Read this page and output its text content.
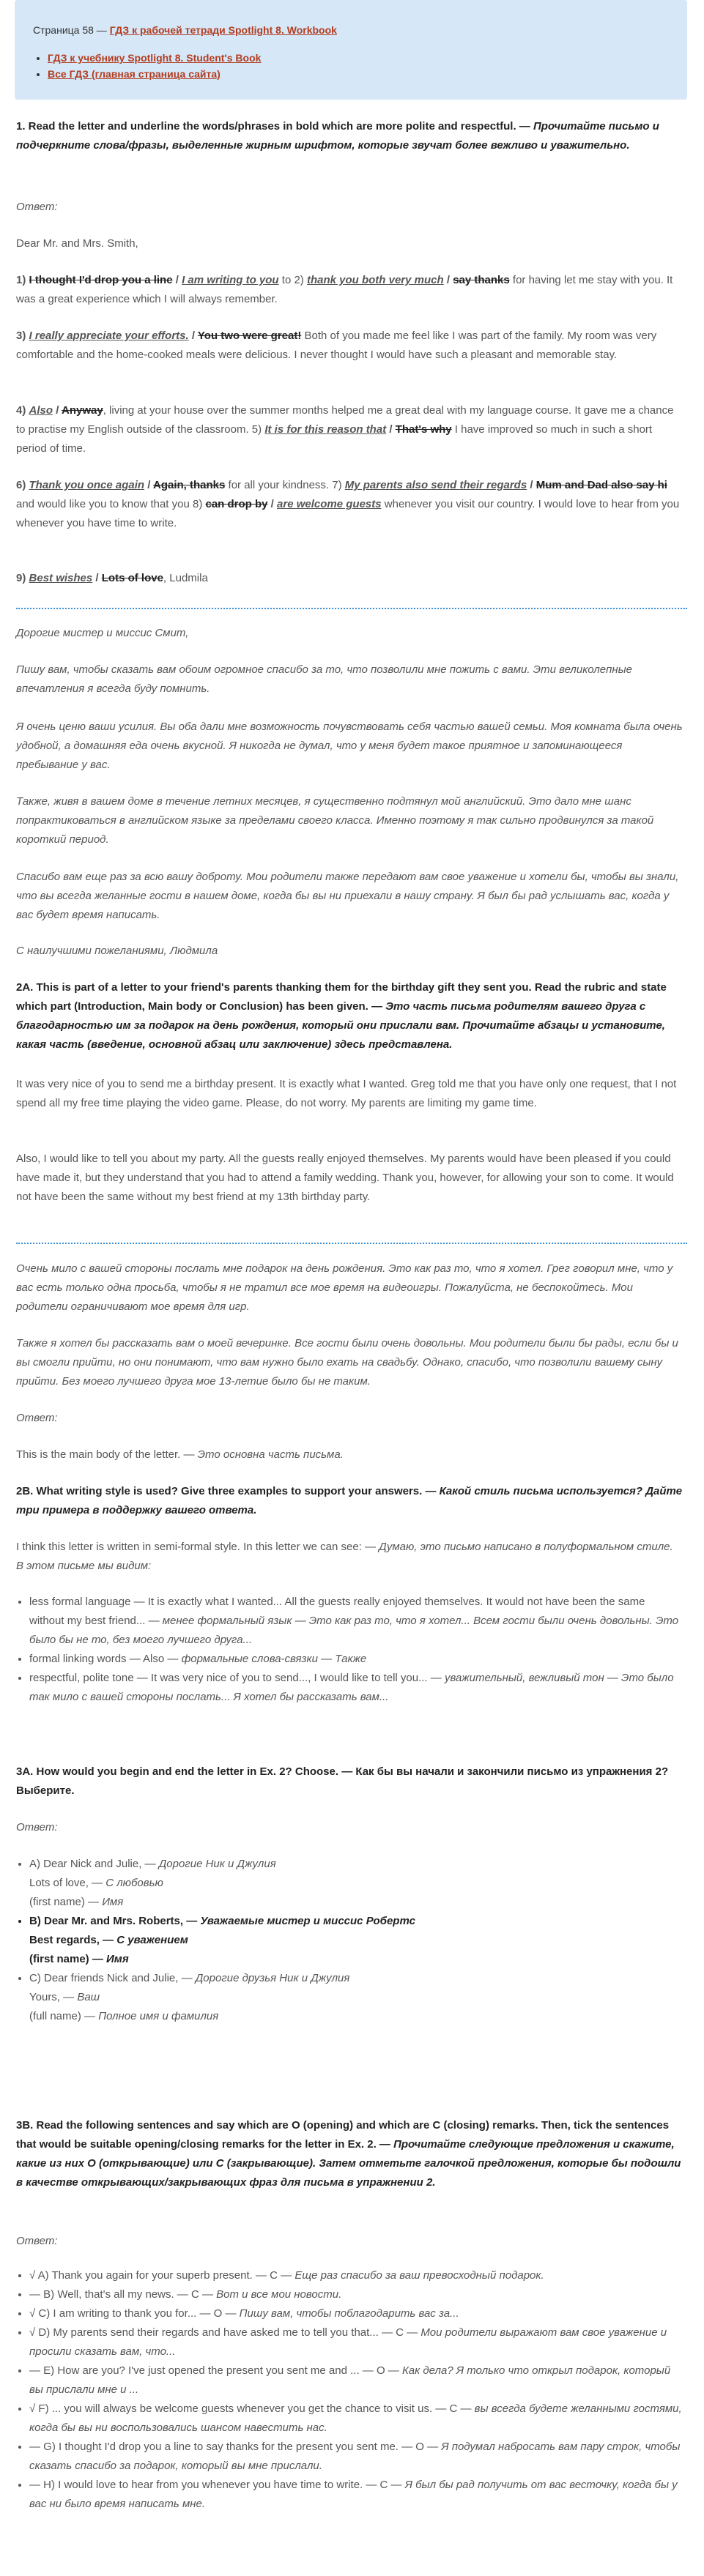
Страница 58 — ГДЗ к рабочей тетради Spotlight 8. Workbook
• ГДЗ к учебнику Spotlight 8. Student's Book
• Все ГДЗ (главная страница сайта)
1. Read the letter and underline the words/phrases in bold which are more polite and respectful. — Прочитайте письмо и подчеркните слова/фразы, выделенные жирным шрифтом, которые звучат более вежливо и уважительно.
Ответ:
Dear Mr. and Mrs. Smith,
1) I thought I'd drop you a line / I am writing to you to 2) thank you both very much / say thanks for having let me stay with you. It was a great experience which I will always remember.
3) I really appreciate your efforts. / You two were great! Both of you made me feel like I was part of the family. My room was very comfortable and the home-cooked meals were delicious. I never thought I would have such a pleasant and memorable stay.
4) Also / Anyway, living at your house over the summer months helped me a great deal with my language course. It gave me a chance to practise my English outside of the classroom. 5) It is for this reason that / That's why I have improved so much in such a short period of time.
6) Thank you once again / Again, thanks for all your kindness. 7) My parents also send their regards / Mum and Dad also say hi and would like you to know that you 8) can drop by / are welcome guests whenever you visit our country. I would love to hear from you whenever you have time to write.
9) Best wishes / Lots of love, Ludmila
Дорогие мистер и миссис Смит,
Пишу вам, чтобы сказать вам обоим огромное спасибо за то, что позволили мне пожить с вами. Эти великолепные впечатления я всегда буду помнить.
Я очень ценю ваши усилия. Вы оба дали мне возможность почувствовать себя частью вашей семьи. Моя комната была очень удобной, а домашняя еда очень вкусной. Я никогда не думал, что у меня будет такое приятное и запоминающееся пребывание у вас.
Также, живя в вашем доме в течение летних месяцев, я существенно подтянул мой английский. Это дало мне шанс попрактиковаться в английском языке за пределами своего класса. Именно поэтому я так сильно продвинулся за такой короткий период.
Спасибо вам еще раз за всю вашу доброту. Мои родители также передают вам свое уважение и хотели бы, чтобы вы знали, что вы всегда желанные гости в нашем доме, когда бы вы ни приехали в нашу страну. Я был бы рад услышать вас, когда у вас будет время написать.
С наилучшими пожеланиями, Людмила
2A. This is part of a letter to your friend's parents thanking them for the birthday gift they sent you. Read the rubric and state which part (Introduction, Main body or Conclusion) has been given. — Это часть письма родителям вашего друга с благодарностью им за подарок на день рождения, который они прислали вам. Прочитайте абзацы и установите, какая часть (введение, основной абзац или заключение) здесь представлена.
It was very nice of you to send me a birthday present. It is exactly what I wanted. Greg told me that you have only one request, that I not spend all my free time playing the video game. Please, do not worry. My parents are limiting my game time.
Also, I would like to tell you about my party. All the guests really enjoyed themselves. My parents would have been pleased if you could have made it, but they understand that you had to attend a family wedding. Thank you, however, for allowing your son to come. It would not have been the same without my best friend at my 13th birthday party.
Очень мило с вашей стороны послать мне подарок на день рождения. Это как раз то, что я хотел. Грег говорил мне, что у вас есть только одна просьба, чтобы я не тратил все мое время на видеоигры. Пожалуйста, не беспокойтесь. Мои родители ограничивают мое время для игр.
Также я хотел бы рассказать вам о моей вечеринке. Все гости были очень довольны. Мои родители были бы рады, если бы и вы смогли прийти, но они понимают, что вам нужно было ехать на свадьбу. Однако, спасибо, что позволили вашему сыну прийти. Без моего лучшего друга мое 13-летие было бы не таким.
Ответ:
This is the main body of the letter. — Это основна часть письма.
2B. What writing style is used? Give three examples to support your answers. — Какой стиль письма используется? Дайте три примера в поддержку вашего ответа.
I think this letter is written in semi-formal style. In this letter we can see: — Думаю, это письмо написано в полуформальном стиле. В этом письме мы видим:
• less formal language — It is exactly what I wanted... All the guests really enjoyed themselves. It would not have been the same without my best friend... — менее формальный язык — Это как раз то, что я хотел... Всем гости были очень довольны. Это было бы не то, без моего лучшего друга...
• formal linking words — Also — формальные слова-связки — Также
• respectful, polite tone — It was very nice of you to send..., I would like to tell you... — уважительный, вежливый тон — Это было так мило с вашей стороны послать... Я хотел бы рассказать вам...
3A. How would you begin and end the letter in Ex. 2? Choose. — Как бы вы начали и закончили письмо из упражнения 2? Выберите.
Ответ:
• A) Dear Nick and Julie, — Дорогие Ник и Джулия
Lots of love, — С любовью
(first name) — Имя
• B) Dear Mr. and Mrs. Roberts, — Уважаемые мистер и миссис Робертс
Best regards, — С уважением
(first name) — Имя
• C) Dear friends Nick and Julie, — Дорогие друзья Ник и Джулия
Yours, — Ваш
(full name) — Полное имя и фамилия
3B. Read the following sentences and say which are O (opening) and which are C (closing) remarks. Then, tick the sentences that would be suitable opening/closing remarks for the letter in Ex. 2. — Прочитайте следующие предложения и скажите, какие из них O (открывающие) или C (закрывающие). Затем отметьте галочкой предложения, которые бы подошли в качестве открывающих/закрывающих фраз для письма в упражнении 2.
Ответ:
• √ A) Thank you again for your superb present. — C — Еще раз спасибо за ваш превосходный подарок.
• — B) Well, that's all my news. — C — Вот и все мои новости.
• √ C) I am writing to thank you for... — O — Пишу вам, чтобы поблагодарить вас за...
• √ D) My parents send their regards and have asked me to tell you that... — C — Мои родители выражают вам свое уважение и просили сказать вам, что...
• — E) How are you? I've just opened the present you sent me and ... — O — Как дела? Я только что открыл подарок, который вы прислали мне и ...
• √ F) ... you will always be welcome guests whenever you get the chance to visit us. — C — вы всегда будете желанными гостями, когда бы вы ни воспользовались шансом навестить нас.
• — G) I thought I'd drop you a line to say thanks for the present you sent me. — O — Я подумал набросать вам пару строк, чтобы сказать спасибо за подарок, который вы мне прислали.
• — H) I would love to hear from you whenever you have time to write. — C — Я был бы рад получить от вас весточку, когда бы у вас ни было время написать мне.
